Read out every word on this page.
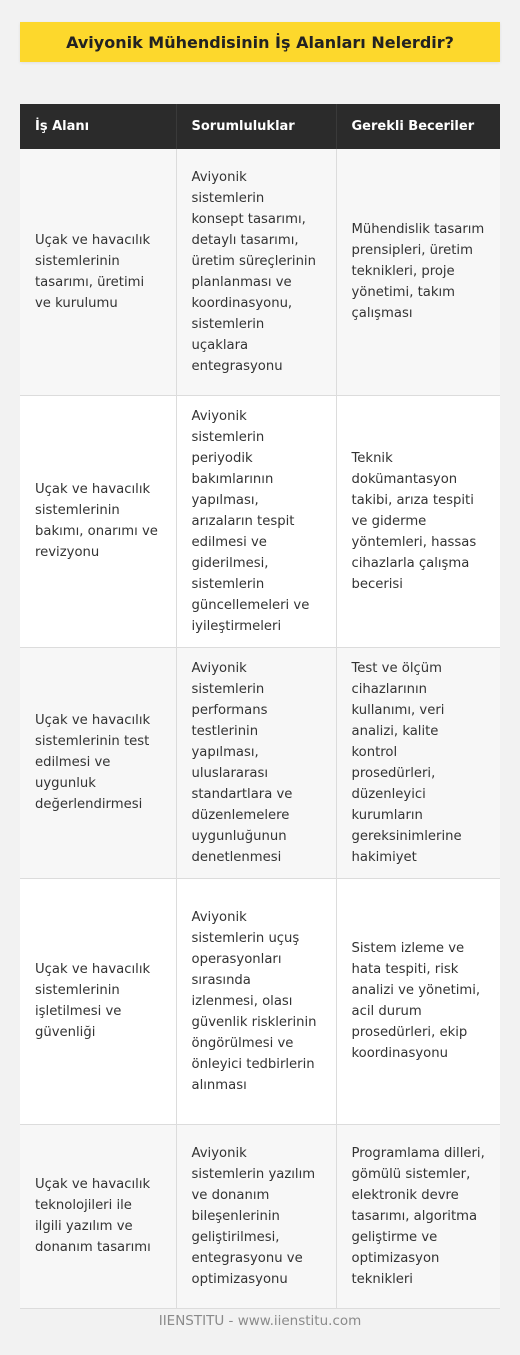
Aviyonik Mühendisinin İş Alanları Nelerdir?
İş Alanı	Sorumluluklar	Gerekli Beceriler
Uçak ve havacılık sistemlerinin tasarımı, üretimi ve kurulumu	Aviyonik sistemlerin konsept tasarımı, detaylı tasarımı, üretim süreçlerinin planlanması ve koordinasyonu, sistemlerin uçaklara entegrasyonu	Mühendislik tasarım prensipleri, üretim teknikleri, proje yönetimi, takım çalışması
Uçak ve havacılık sistemlerinin bakımı, onarımı ve revizyonu	Aviyonik sistemlerin periyodik bakımlarının yapılması, arızaların tespit edilmesi ve giderilmesi, sistemlerin güncellemeleri ve iyileştirmeleri	Teknik dokümantasyon takibi, arıza tespiti ve giderme yöntemleri, hassas cihazlarla çalışma becerisi
Uçak ve havacılık sistemlerinin test edilmesi ve uygunluk değerlendirmesi	Aviyonik sistemlerin performans testlerinin yapılması, uluslararası standartlara ve düzenlemelere uygunluğunun denetlenmesi	Test ve ölçüm cihazlarının kullanımı, veri analizi, kalite kontrol prosedürleri, düzenleyici kurumların gereksinimlerine hakimiyet
Uçak ve havacılık sistemlerinin işletilmesi ve güvenliği	Aviyonik sistemlerin uçuş operasyonları sırasında izlenmesi, olası güvenlik risklerinin öngörülmesi ve önleyici tedbirlerin alınması	Sistem izleme ve hata tespiti, risk analizi ve yönetimi, acil durum prosedürleri, ekip koordinasyonu
Uçak ve havacılık teknolojileri ile ilgili yazılım ve donanım tasarımı	Aviyonik sistemlerin yazılım ve donanım bileşenlerinin geliştirilmesi, entegrasyonu ve optimizasyonu	Programlama dilleri, gömülü sistemler, elektronik devre tasarımı, algoritma geliştirme ve optimizasyon teknikleri
IIENSTITU - www.iienstitu.com
